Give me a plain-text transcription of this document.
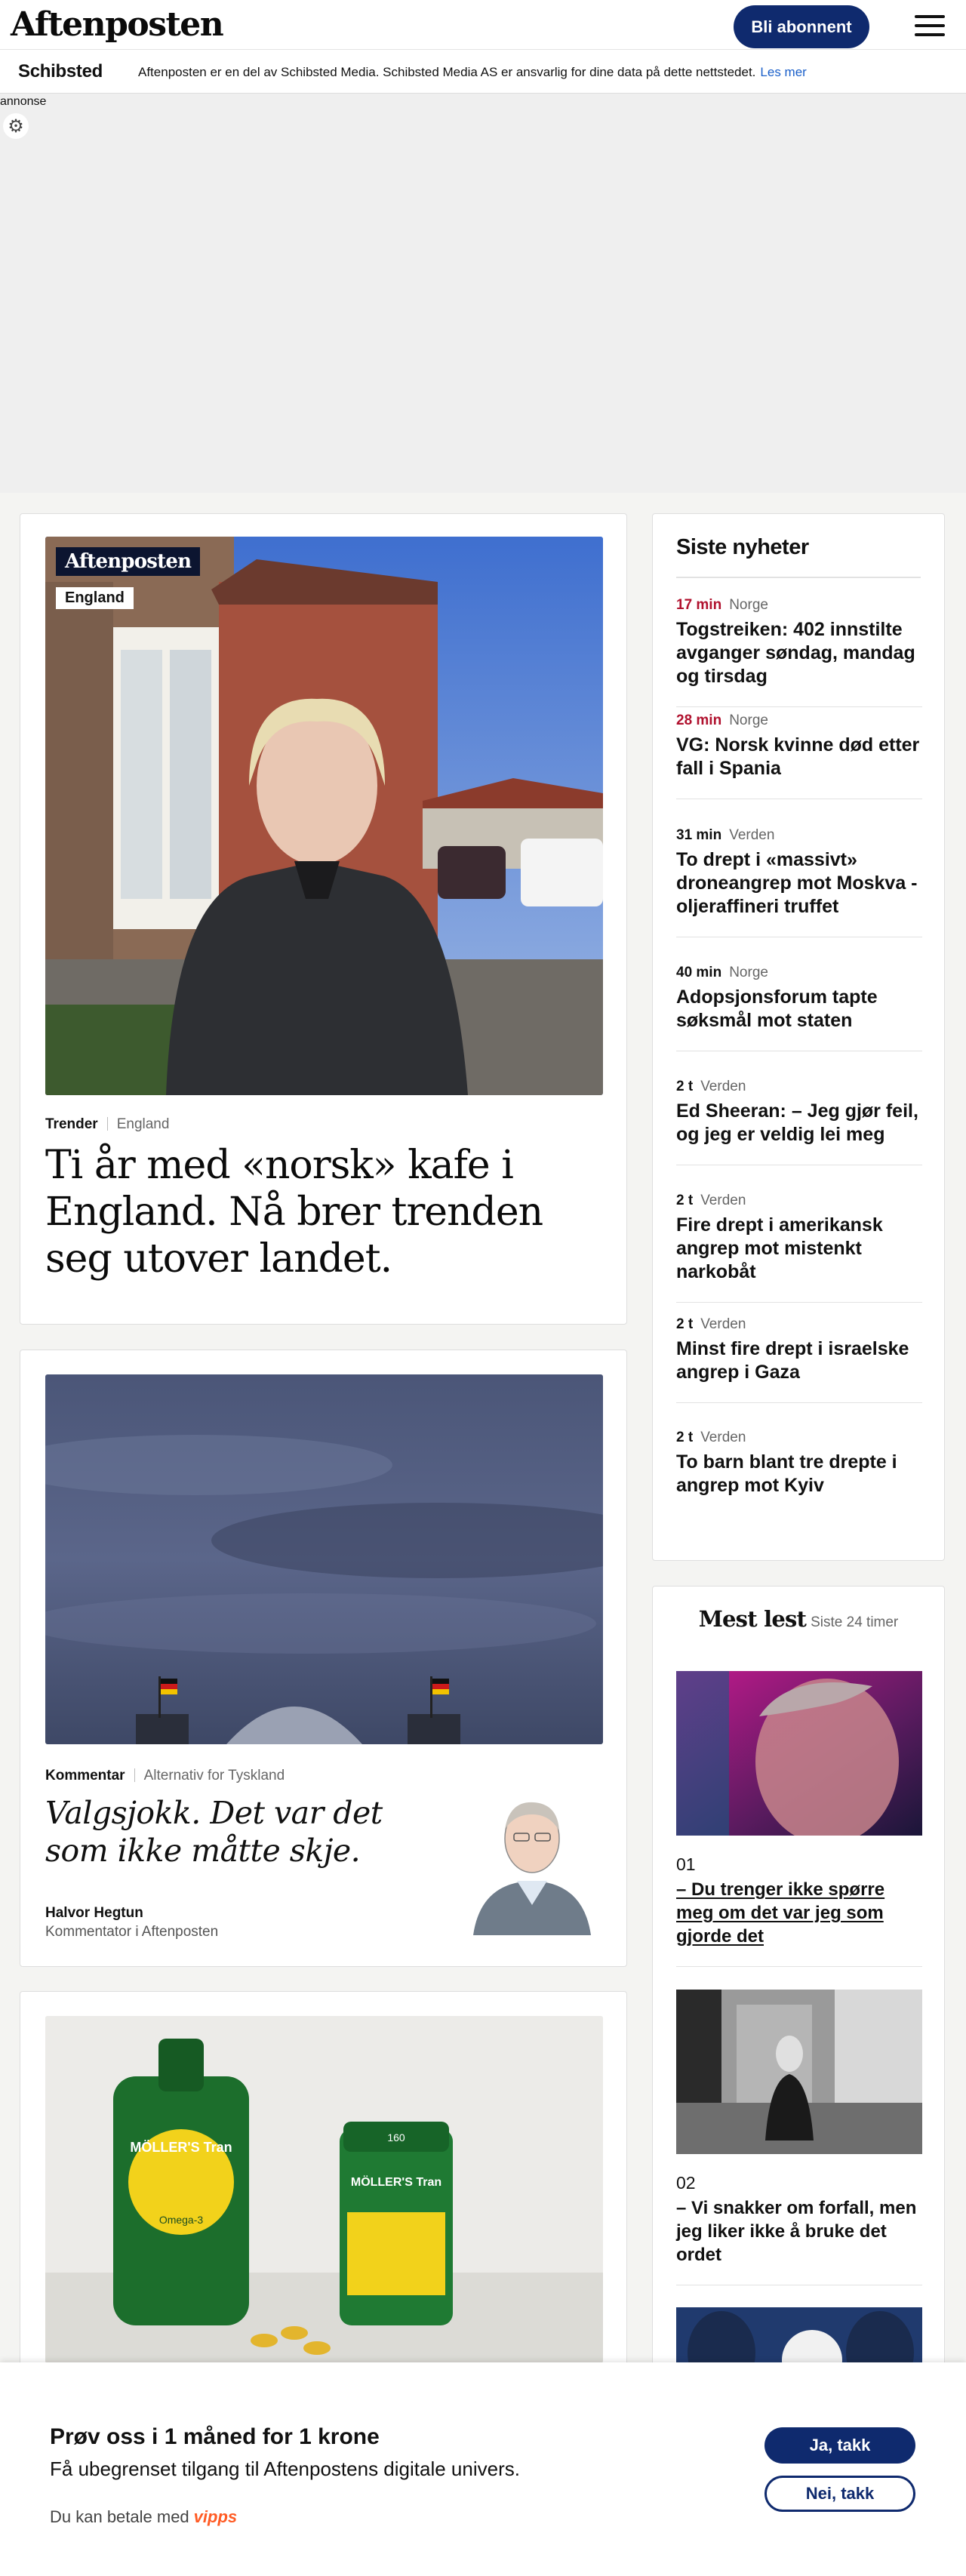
Aftenposten	Bli abonnent
Schibsted	Aftenposten er en del av Schibsted Media. Schibsted Media AS er ansvarlig for dine data på dette nettstedet. Les mer
annonse
⚙
Aftenposten
England
Trender England
Ti år med «norsk» kafe i England. Nå brer trenden seg utover landet.
Kommentar Alternativ for Tyskland
Valgsjokk. Det var det som ikke måtte skje.
Halvor Hegtun
Kommentator i Aftenposten
MÖLLER'S Tran
Omega-3
160
MÖLLER'S Tran
Siste nyheter
17 min Norge
Togstreiken: 402 innstilte avganger søndag, mandag og tirsdag
28 min Norge
VG: Norsk kvinne død etter fall i Spania
31 min Verden
To drept i «massivt» droneangrep mot Moskva - oljeraffineri truffet
40 min Norge
Adopsjonsforum tapte søksmål mot staten
2 t Verden
Ed Sheeran: – Jeg gjør feil, og jeg er veldig lei meg
2 t Verden
Fire drept i amerikansk angrep mot mistenkt narkobåt
2 t Verden
Minst fire drept i israelske angrep i Gaza
2 t Verden
To barn blant tre drepte i angrep mot Kyiv
Mest lest Siste 24 timer
01
– Du trenger ikke spørre meg om det var jeg som gjorde det
02
– Vi snakker om forfall, men jeg liker ikke å bruke det ordet
Prøv oss i 1 måned for 1 krone
Få ubegrenset tilgang til Aftenpostens digitale univers.
Du kan betale med vipps
Ja, takk
Nei, takk
